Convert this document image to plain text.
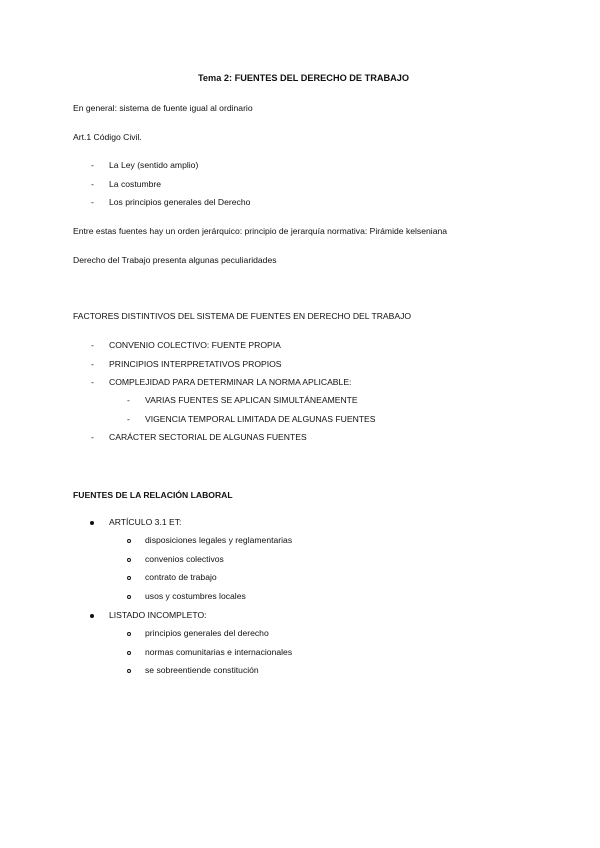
Tema 2: FUENTES DEL DERECHO DE TRABAJO
En general: sistema de fuente igual al ordinario
Art.1 Código Civil.
- La Ley (sentido amplio)
- La costumbre
- Los principios generales del Derecho
Entre estas fuentes hay un orden jerárquico: principio de jerarquía normativa: Pirámide kelseniana
Derecho del Trabajo presenta algunas peculiaridades
FACTORES DISTINTIVOS DEL SISTEMA DE FUENTES EN DERECHO DEL TRABAJO
- CONVENIO COLECTIVO: FUENTE PROPIA
- PRINCIPIOS INTERPRETATIVOS PROPIOS
- COMPLEJIDAD PARA DETERMINAR LA NORMA APLICABLE:
- VARIAS FUENTES SE APLICAN SIMULTÁNEAMENTE
- VIGENCIA TEMPORAL LIMITADA DE ALGUNAS FUENTES
- CARÁCTER SECTORIAL DE ALGUNAS FUENTES
FUENTES DE LA RELACIÓN LABORAL
ARTÍCULO 3.1 ET:
disposiciones legales y reglamentarias
convenios colectivos
contrato de trabajo
usos y costumbres locales
LISTADO INCOMPLETO:
principios generales del derecho
normas comunitarias e internacionales
se sobreentiende constitución
